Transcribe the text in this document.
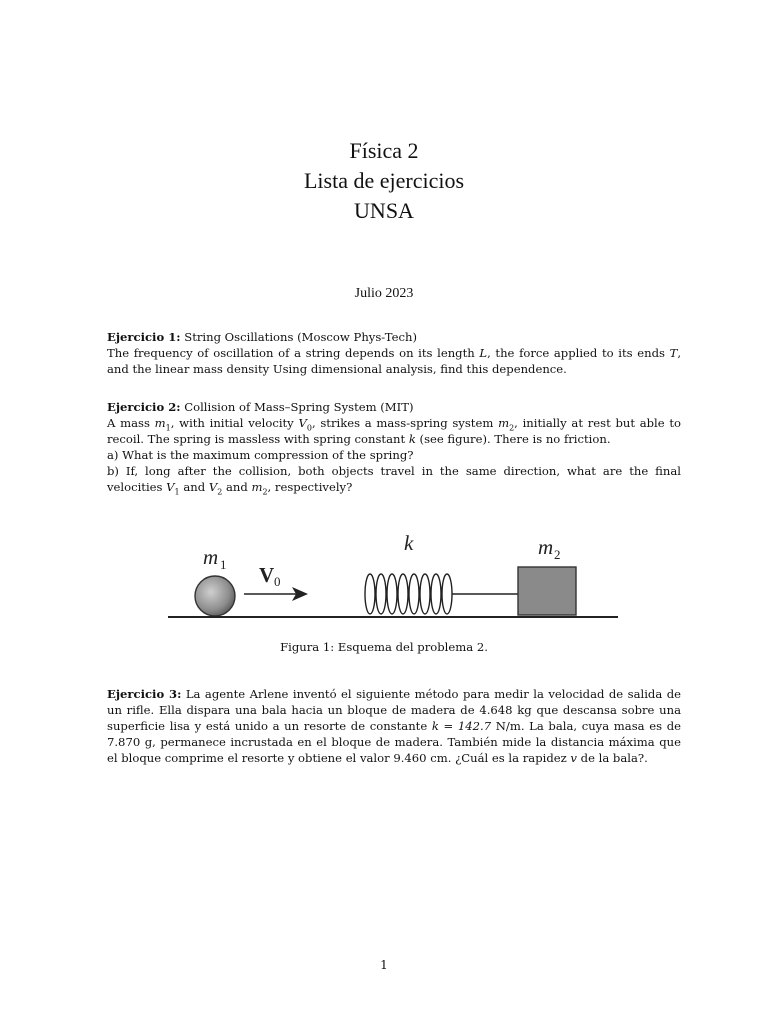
Física 2
Lista de ejercicios
UNSA
Julio 2023

Ejercicio 1: String Oscillations (Moscow Phys-Tech)

The frequency of oscillation of a string depends on its length L, the force applied to its ends T, and the linear mass density Using dimensional analysis, find this dependence.

Ejercicio 2: Collision of Mass–Spring System (MIT)

A mass $m_1$, with initial velocity $V_0$, strikes a mass-spring system $m_2$, initially at rest but able to recoil. The spring is massless with spring constant k (see figure). There is no friction.

a) What is the maximum compression of the spring?

b) If, long after the collision, both objects travel in the same direction, what are the final velocities $V_1$ and $V_2$ and $m_2$, respectively?

m 1 V 0
k	m 2
Figura 1: Esquema del problema 2.

Ejercicio 3: La agente Arlene inventó el siguiente método para medir la velocidad de salida de un rifle. Ella dispara una bala hacia un bloque de madera de 4.648 kg que descansa sobre una superficie lisa y está unido a un resorte de constante k = 142.7 N/m. La bala, cuya masa es de 7.870 g, permanece incrustada en el bloque de madera. También mide la distancia máxima que el bloque comprime el resorte y obtiene el valor 9.460 cm. ¿Cuál es la rapidez v de la bala?.

1
